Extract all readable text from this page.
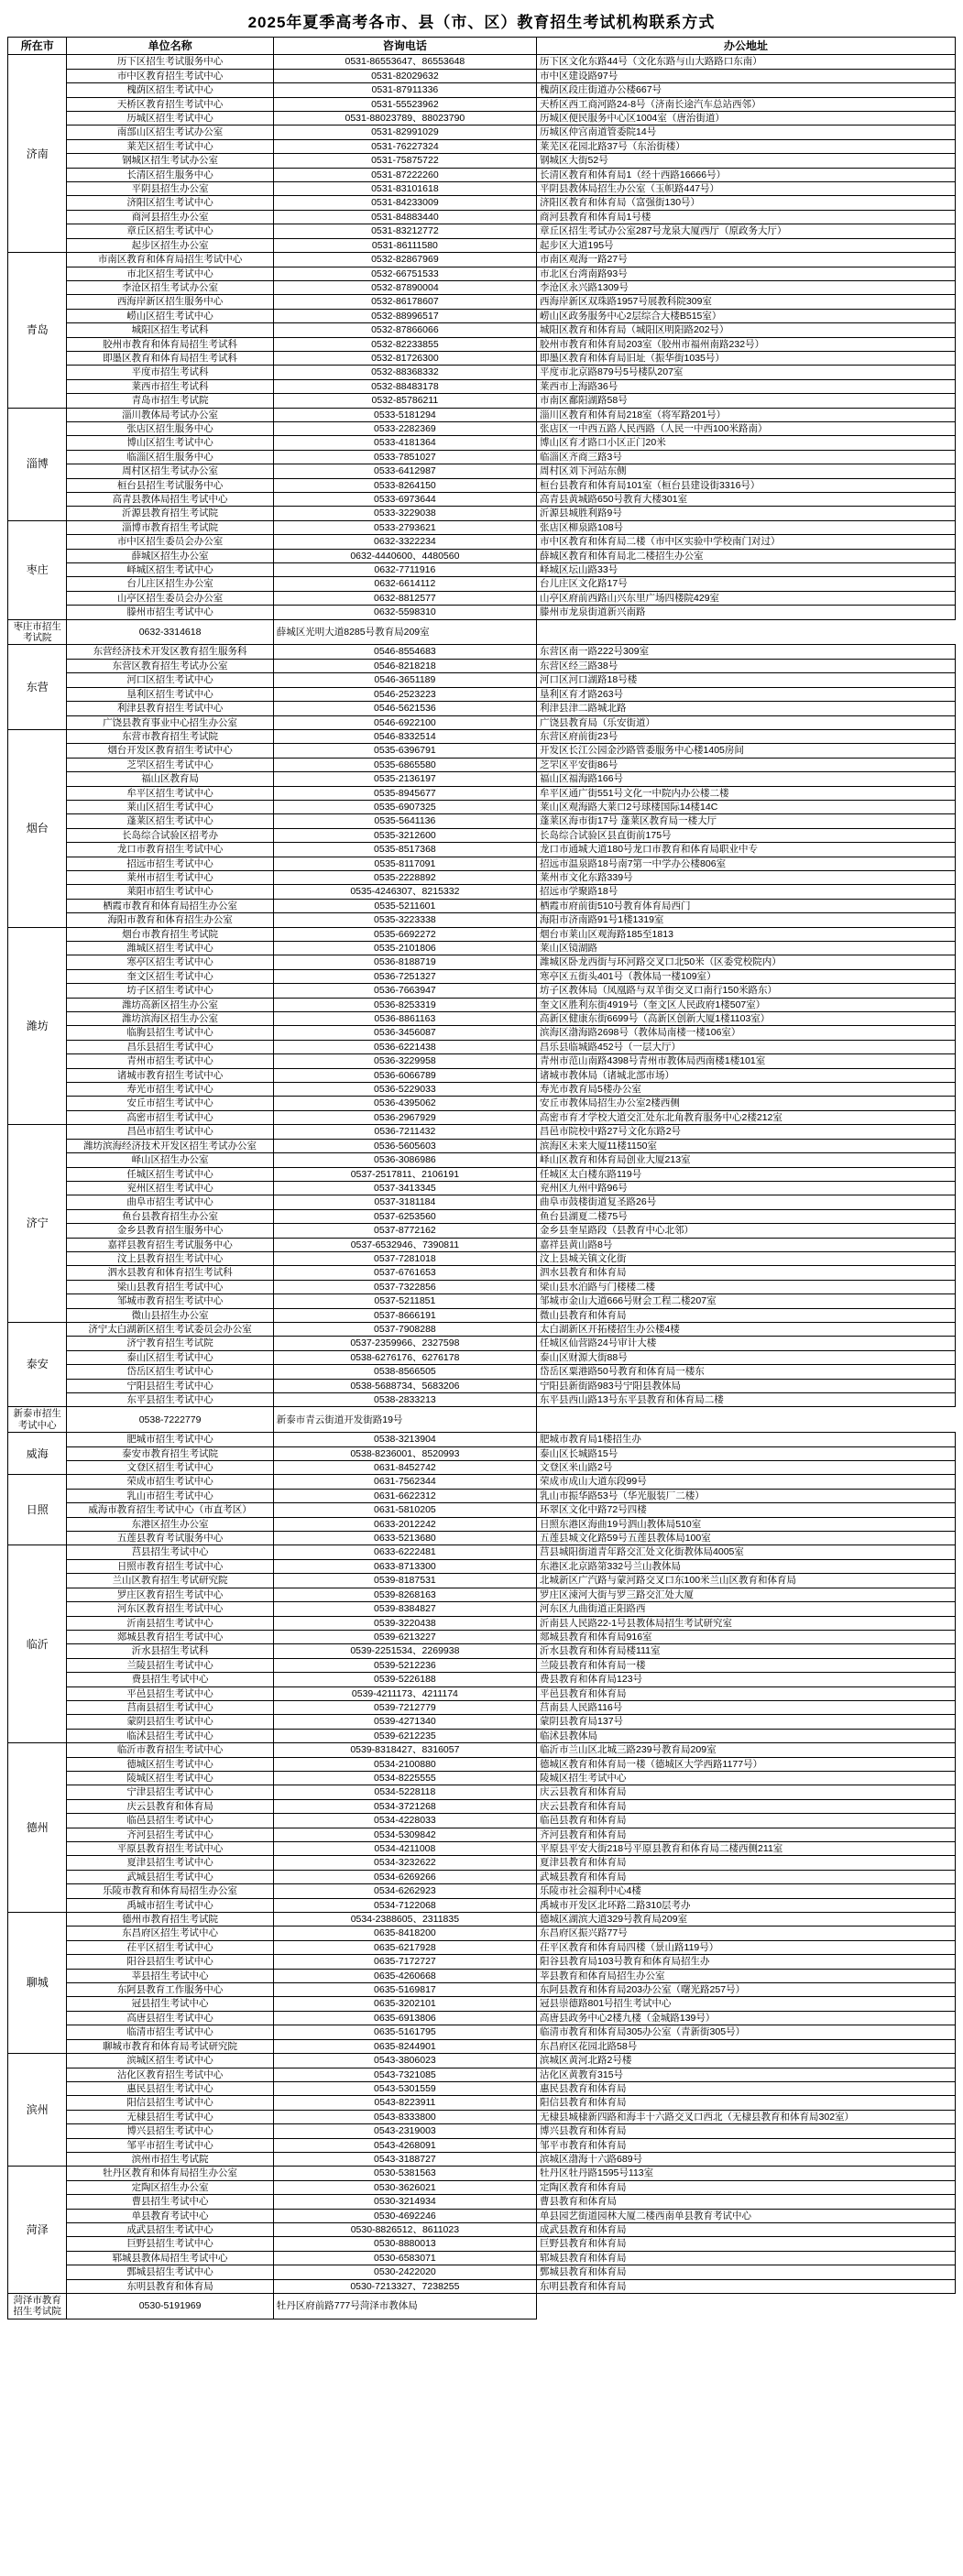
2025年夏季高考各市、县（市、区）教育招生考试机构联系方式
所在市	单位名称	咨询电话	办公地址
济南	历下区招生考试服务中心	0531-86553647、86553648	历下区文化东路44号（文化东路与山大路路口东南）
	市中区教育招生考试中心	0531-82029632	市中区建设路97号
	槐荫区招生考试中心	0531-87911336	槐荫区段庄街道办公楼667号
	天桥区教育招生考试中心	0531-55523962	天桥区西工商河路24-8号（济南长途汽车总站西邻）
	历城区招生考试中心	0531-88023789、88023790	历城区便民服务中心区1004室（唐治街道）
	南部山区招生考试办公室	0531-82991029	历城区仲宫南道管委院14号
	莱芜区招生考试中心	0531-76227324	莱芜区花园北路37号（东治街楼）
	钢城区招生考试办公室	0531-75875722	钢城区大街52号
	长清区招生服务中心	0531-87222260	长清区教育和体育局1（经十西路16666号）
	平阴县招生办公室	0531-83101618	平阴县教体局招生办公室（玉帜路447号）
	济阳区招生考试中心	0531-84233009	济阳区教育和体育局（富强街130号）
	商河县招生办公室	0531-84883440	商河县教育和体育局1号楼
	章丘区招生考试中心	0531-83212772	章丘区招生考试办公室287号龙泉大厦西厅（原政务大厅）
	起步区招生办公室	0531-86111580	起步区大道195号
青岛	市南区教育和体育局招生考试中心	0532-82867969	市南区观海一路27号
	市北区招生考试中心	0532-66751533	市北区台湾南路93号
	李沧区招生考试办公室	0532-87890004	李沧区永兴路1309号
	西海岸新区招生服务中心	0532-86178607	西海岸新区双珠路1957号展教科院309室
	崂山区招生考试中心	0532-88996517	崂山区政务服务中心2层综合大楼B515室）
	城阳区招生考试科	0532-87866066	城阳区教育和体育局（城阳区明阳路202号）
	胶州市教育和体育局招生考试科	0532-82233855	胶州市教育和体育局203室（胶州市福州南路232号）
	即墨区教育和体育局招生考试科	0532-81726300	即墨区教育和体育局旧址（振华街1035号）
	平度市招生考试科	0532-88368332	平度市北京路879号5号楼队207室
	莱西市招生考试科	0532-88483178	莱西市上海路36号
	青岛市招生考试院	0532-85786211	市南区鄱阳湖路58号
淄博	淄川教体局考试办公室	0533-5181294	淄川区教育和体育局218室（将军路201号）
	张店区招生服务中心	0533-2282369	张店区一中西五路人民西路（人民一中西100米路南）
	博山区招生考试中心	0533-4181364	博山区育才路口小区正门20米
	临淄区招生服务中心	0533-7851027	临淄区齐商三路3号
	周村区招生考试办公室	0533-6412987	周村区刘下河站东侧
	桓台县招生考试服务中心	0533-8264150	桓台县教育和体育局101室（桓台县建设街3316号）
	高青县教体局招生考试中心	0533-6973644	高青县黄城路650号教育大楼301室
	沂源县教育招生考试院	0533-3229038	沂源县城胜利路9号
枣庄	淄博市教育招生考试院	0533-2793621	张店区柳泉路108号
	市中区招生委员会办公室	0632-3322234	市中区教育和体育局二楼（市中区实验中学校南门对过）
	薛城区招生办公室	0632-4440600、4480560	薛城区教育和体育局北二楼招生办公室
	峄城区招生考试中心	0632-7711916	峄城区坛山路33号
	台儿庄区招生办公室	0632-6614112	台儿庄区文化路17号
	山亭区招生委员会办公室	0632-8812577	山亭区府前西路山兴东里广场四楼院429室
	滕州市招生考试中心	0632-5598310	滕州市龙泉街道新兴南路
枣庄市招生考试院	0632-3314618	薛城区光明大道8285号教育局209室	
东营	东营经济技术开发区教育招生服务科	0546-8554683	东营区南一路222号309室
	东营区教育招生考试办公室	0546-8218218	东营区经三路38号
	河口区招生考试中心	0546-3651189	河口区河口湖路18号楼
	垦利区招生考试中心	0546-2523223	垦利区育才路263号
	利津县教育招生考试中心	0546-5621536	利津县津二路城北路
	广饶县教育事业中心招生办公室	0546-6922100	广饶县教育局（乐安街道）
烟台	东营市教育招生考试院	0546-8332514	东营区府前街23号
	烟台开发区教育招生考试中心	0535-6396791	开发区长江公园金沙路管委服务中心楼1405房间
	芝罘区招生考试中心	0535-6865580	芝罘区平安街86号
	福山区教育局	0535-2136197	福山区福海路166号
	牟平区招生考试中心	0535-8945677	牟平区通广街551号文化一中院内办公楼二楼
	莱山区招生考试中心	0535-6907325	莱山区观海路大莱口2号球楼国际14楼14C
	蓬莱区招生考试中心	0535-5641136	蓬莱区海市街17号 蓬莱区教育局一楼大厅
	长岛综合试验区招考办	0535-3212600	长岛综合试验区县直街前175号
	龙口市教育招生考试中心	0535-8517368	龙口市通城大道180号龙口市教育和体育局职业中专
	招远市招生考试中心	0535-8117091	招远市温泉路18号南7第一中学办公楼806室
	莱州市招生考试中心	0535-2228892	莱州市文化东路339号
	莱阳市招生考试中心	0535-4246307、8215332	招远市学聚路18号
	栖霞市教育和体育局招生办公室	0535-5211601	栖霞市府前街510号教育体育局西门
	海阳市教育和体育招生办公室	0535-3223338	海阳市济南路91号1楼1319室
潍坊	烟台市教育招生考试院	0535-6692272	烟台市莱山区观海路185至1813
	潍城区招生考试中心	0535-2101806	莱山区镜湖路
	寒亭区招生考试中心	0536-8188719	潍城区卧龙西街与环河路交叉口北50米（区委党校院内）
	奎文区招生考试中心	0536-7251327	寒亭区五街头401号（教体局一楼109室）
	坊子区招生考试中心	0536-7663947	坊子区教体局（凤凰路与双羊街交叉口南行150米路东）
	潍坊高新区招生办公室	0536-8253319	奎文区胜利东街4919号（奎文区人民政府1楼507室）
	潍坊滨海区招生办公室	0536-8861163	高新区健康东街6699号（高新区创新大厦1楼1103室）
	临朐县招生考试中心	0536-3456087	滨海区渤海路2698号（教体局南楼一楼106室）
	昌乐县招生考试中心	0536-6221438	昌乐县临城路452号（一层大厅）
	青州市招生考试中心	0536-3229958	青州市范山南路4398号青州市教体局西南楼1楼101室
	诸城市教育招生考试中心	0536-6066789	诸城市教体局（诸城北部市场）
	寿光市招生考试中心	0536-5229033	寿光市教育局5楼办公室
	安丘市招生考试中心	0536-4395062	安丘市教体局招生办公室2楼西侧
	高密市招生考试中心	0536-2967929	高密市育才学校大道交汇处东北角教育服务中心2楼212室
济宁	昌邑市招生考试中心	0536-7211432	昌邑市院校中路27号文化东路2号
	潍坊滨海经济技术开发区招生考试办公室	0536-5605603	滨海区未来大厦11楼1150室
	峄山区招生办公室	0536-3086986	峄山区教育和体育局创业大厦213室
	任城区招生考试中心	0537-2517811、2106191	任城区太白楼东路119号
	兖州区招生考试中心	0537-3413345	兖州区九州中路96号
	曲阜市招生考试中心	0537-3181184	曲阜市鼓楼街道复圣路26号
	鱼台县教育招生办公室	0537-6253560	鱼台县湖夏二楼75号
	金乡县教育招生服务中心	0537-8772162	金乡县奎星路段（县教育中心北邻）
	嘉祥县教育招生考试服务中心	0537-6532946、7390811	嘉祥县黄山路8号
	汶上县教育招生考试中心	0537-7281018	汶上县城关镇文化街
	泗水县教育和体育招生考试科	0537-6761653	泗水县教育和体育局
	梁山县教育招生考试中心	0537-7322856	梁山县水泊路与门楼楼二楼
	邹城市教育招生考试中心	0537-5211851	邹城市金山大道666号财会工程二楼207室
	微山县招生办公室	0537-8666191	微山县教育和体育局
泰安	济宁太白湖新区招生考试委员会办公室	0537-7908288	太白湖新区开拓楼招生办公楼4楼
	济宁教育招生考试院	0537-2359966、2327598	任城区仙营路24号审计大楼
	泰山区招生考试中心	0538-6276176、6276178	泰山区财源大街88号
	岱岳区招生考试中心	0538-8566505	岱岳区粟港路50号教育和体育局一楼东
	宁阳县招生考试中心	0538-5688734、5683206	宁阳县新街路983号宁阳县教体局
	东平县招生考试中心	0538-2833213	东平县西山路13号东平县教育和体育局二楼
新泰市招生考试中心	0538-7222779	新泰市青云街道开发街路19号	
威海	肥城市招生考试中心	0538-3213904	肥城市教育局1楼招生办
	泰安市教育招生考试院	0538-8236001、8520993	泰山区长城路15号
	文登区招生考试中心	0631-8452742	文登区米山路2号
日照	荣成市招生考试中心	0631-7562344	荣成市成山大道东段99号
	乳山市招生考试中心	0631-6622312	乳山市振华路53号（华光服装厂二楼）
	威海市教育招生考试中心（市直考区）	0631-5810205	环翠区文化中路72号四楼
	东港区招生办公室	0633-2012242	日照东港区海曲19号泗山教体局510室
	五莲县教育考试服务中心	0633-5213680	五莲县城文化路59号五莲县教体局100室
临沂	莒县招生考试中心	0633-6222481	莒县城阳街道青年路交汇处文化街教体局4005室
	日照市教育招生考试中心	0633-8713300	东港区北京路第332号兰山教体局
	兰山区教育招生考试研究院	0539-8187531	北城新区广汽路与蒙河路交叉口东100米兰山区教育和体育局
	罗庄区教育招生考试中心	0539-8268163	罗庄区涑河大街与罗三路交汇处大厦
	河东区教育招生考试中心	0539-8384827	河东区九曲街道正阳路西
	沂南县招生考试中心	0539-3220438	沂南县人民路22-1号县教体局招生考试研究室
	郯城县教育招生考试中心	0539-6213227	郯城县教育和体育局916室
	沂水县招生考试科	0539-2251534、2269938	沂水县教育和体育局楼111室
	兰陵县招生考试中心	0539-5212236	兰陵县教育和体育局一楼
	费县招生考试中心	0539-5226188	费县教育和体育局123号
	平邑县招生考试中心	0539-4211173、4211174	平邑县教育和体育局
	莒南县招生考试中心	0539-7212779	莒南县人民路116号
	蒙阴县招生考试中心	0539-4271340	蒙阴县教育局137号
	临沭县招生考试中心	0539-6212235	临沭县教体局
德州	临沂市教育招生考试中心	0539-8318427、8316057	临沂市兰山区北城三路239号教育局209室
	德城区招生考试中心	0534-2100880	德城区教育和体育局一楼（德城区大学西路1177号）
	陵城区招生考试中心	0534-8225555	陵城区招生考试中心
	宁津县招生考试中心	0534-5228118	庆云县教育和体育局
	庆云县教育和体育局	0534-3721268	庆云县教育和体育局
	临邑县招生考试中心	0534-4228033	临邑县教育和体育局
	齐河县招生考试中心	0534-5309842	齐河县教育和体育局
	平原县教育招生考试中心	0534-4211008	平原县平安大街218号平原县教育和体育局二楼西侧211室
	夏津县招生考试中心	0534-3232622	夏津县教育和体育局
	武城县招生考试中心	0534-6269266	武城县教育和体育局
	乐陵市教育和体育局招生办公室	0534-6262923	乐陵市社会福利中心4楼
	禹城市招生考试中心	0534-7122068	禹城市开发区北环路二路310层考办
聊城	德州市教育招生考试院	0534-2388605、2311835	德城区湖滨大道329号教育局209室
	东昌府区招生考试中心	0635-8418200	东昌府区振兴路77号
	茌平区招生考试中心	0635-6217928	茌平区教育和体育局四楼（景山路119号）
	阳谷县招生考试中心	0635-7172727	阳谷县教育局103号教育和体育局招生办
	莘县招生考试中心	0635-4260668	莘县教育和体育局招生办公室
	东阿县教育工作服务中心	0635-5169817	东阿县教育和体育局203办公室（曙光路257号）
	冠县招生考试中心	0635-3202101	冠县崇德路801号招生考试中心
	高唐县招生考试中心	0635-6913806	高唐县政务中心2楼九楼（金城路139号）
	临清市招生考试中心	0635-5161795	临清市教育和体育局305办公室（青新街305号）
	聊城市教育和体育局考试研究院	0635-8244901	东昌府区花园北路58号
滨州	滨城区招生考试中心	0543-3806023	滨城区黄河北路2号楼
	沾化区教育招生考试中心	0543-7321085	沾化区黄教育315号
	惠民县招生考试中心	0543-5301559	惠民县教育和体育局
	阳信县招生考试中心	0543-8223911	阳信县教育和体育局
	无棣县招生考试中心	0543-8333800	无棣县城棣新四路和海丰十六路交叉口西北（无棣县教育和体育局302室）
	博兴县招生考试中心	0543-2319003	博兴县教育和体育局
	邹平市招生考试中心	0543-4268091	邹平市教育和体育局
	滨州市招生考试院	0543-3188727	滨城区渤海十六路689号
菏泽	牡丹区教育和体育局招生办公室	0530-5381563	牡丹区牡丹路1595号113室
	定陶区招生办公室	0530-3626021	定陶区教育和体育局
	曹县招生考试中心	0530-3214934	曹县教育和体育局
	单县教育考试中心	0530-4692246	单县园艺街道园林大厦二楼西南单县教育考试中心
	成武县招生考试中心	0530-8826512、8611023	成武县教育和体育局
	巨野县招生考试中心	0530-8880013	巨野县教育和体育局
	郓城县教体局招生考试中心	0530-6583071	郓城县教育和体育局
	鄄城县招生考试中心	0530-2422020	鄄城县教育和体育局
	东明县教育和体育局	0530-7213327、7238255	东明县教育和体育局
菏泽市教育招生考试院	0530-5191969	牡丹区府前路777号菏泽市教体局	
